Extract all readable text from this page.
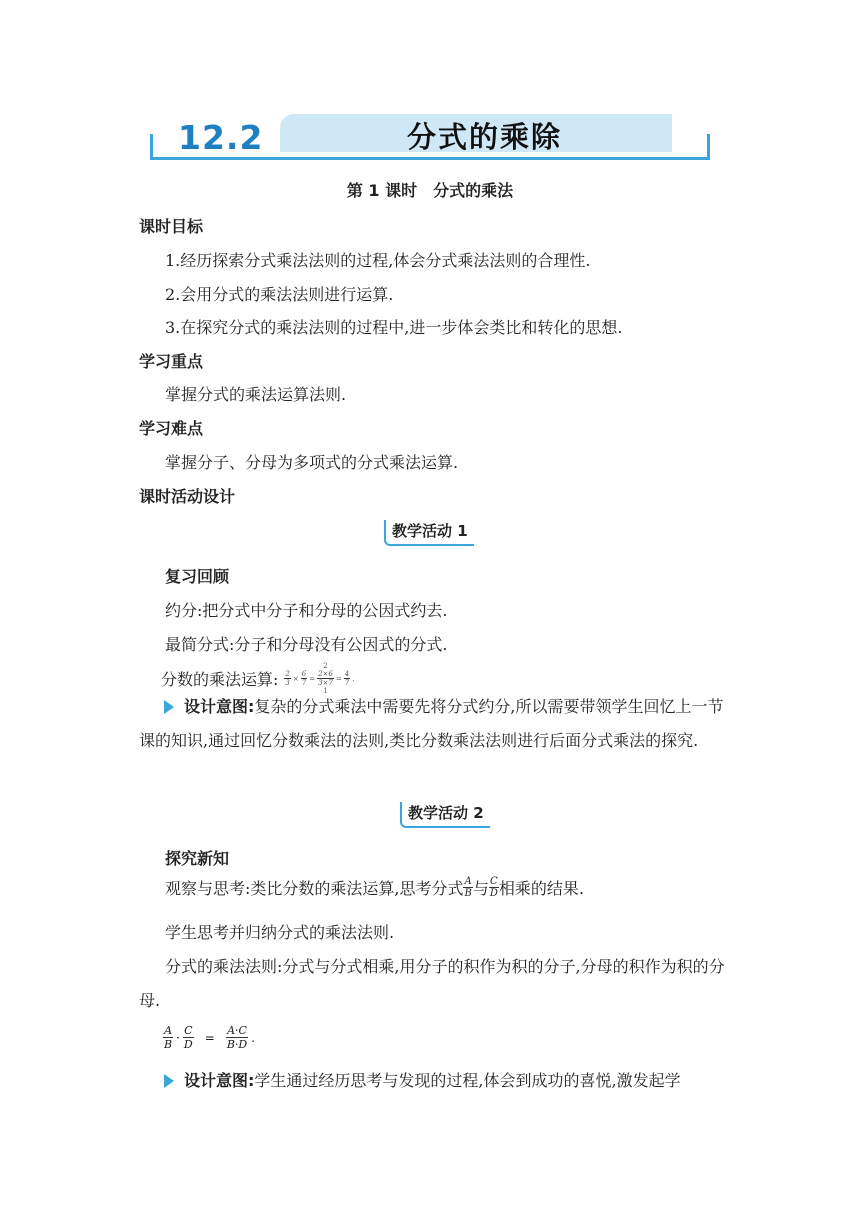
12.2	分式的乘除
第 1 课时 分式的乘法
课时目标
1.经历探索分式乘法法则的过程,体会分式乘法法则的合理性.
2.会用分式的乘法法则进行运算.
3.在探究分式的乘法法则的过程中,进一步体会类比和转化的思想.
学习重点
掌握分式的乘法运算法则.
学习难点
掌握分子、分母为多项式的分式乘法运算.
课时活动设计
教学活动 1
复习回顾
约分:把分式中分子和分母的公因式约去.
最简分式:分子和分母没有公因式的分式.
分数的乘法运算: $\frac{2}{3} \times \frac{6}{7}$ =
2
$\frac{2\times 6}{3\times 7}$
1
= $\frac{4}{7}$ .
设计意图:复杂的分式乘法中需要先将分式约分,所以需要带领学生回忆上一节课的知识,通过回忆分数乘法的法则,类比分数乘法法则进行后面分式乘法的探究.
教学活动 2
探究新知
观察与思考:类比分数的乘法运算,思考分式 $\frac{A}{B}$ 与 $\frac{C}{D}$ 相乘的结果.
学生思考并归纳分式的乘法法则.
分式的乘法法则:分式与分式相乘,用分子的积作为积的分子,分母的积作为积的分母.
$\frac{A}{B} \cdot \frac{C}{D} = \frac{A\cdot C}{B\cdot D}$ .
设计意图:学生通过经历思考与发现的过程,体会到成功的喜悦,激发起学
